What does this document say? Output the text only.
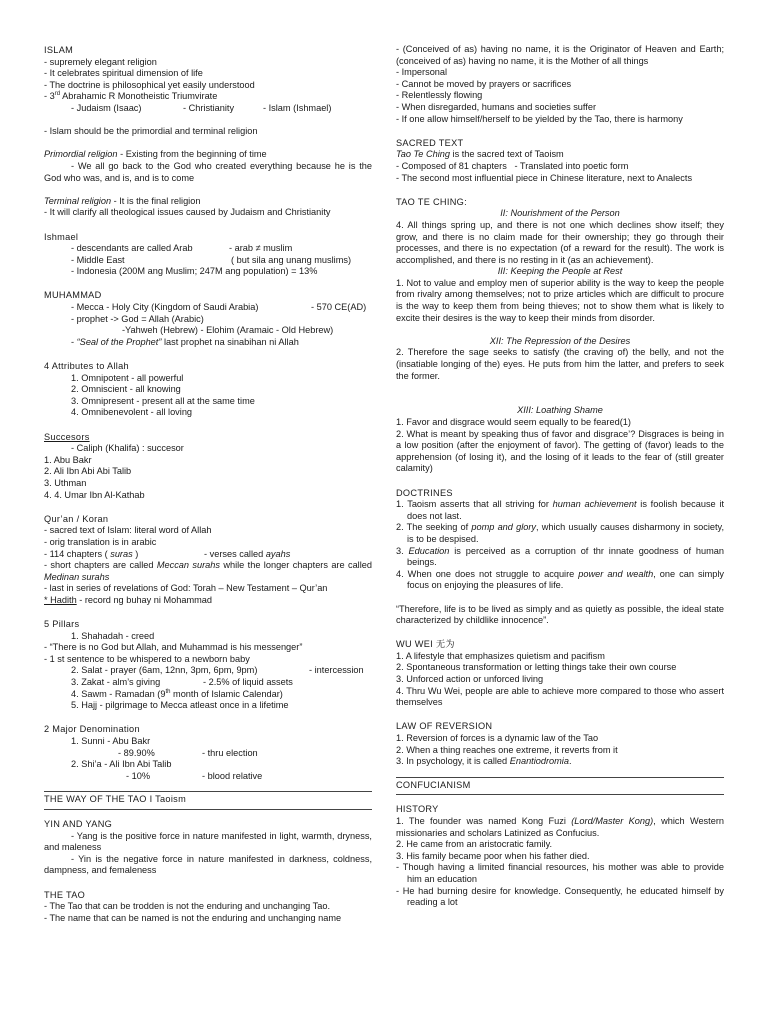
ISLAM
- supremely elegant religion
- It celebrates spiritual dimension of life
- The doctrine is philosophical yet easily understood
- 3rd Abrahamic R Monotheistic Triumvirate
- Judaism (Isaac)	- Christianity	- Islam (Ishmael)
- Islam should be the primordial and terminal religion
Primordial religion - Existing from the beginning of time
- We all go back to the God who created everything because he is the God who was, and is, and is to come
Terminal religion - It is the final religion
- It will clarify all theological issues caused by Judaism and Christianity
Ishmael
- descendants are called Arab	- arab ≠ muslim
- Middle East	( but sila ang unang muslims)
- Indonesia (200M ang Muslim; 247M ang population) = 13%
MUHAMMAD
- Mecca - Holy City (Kingdom of Saudi Arabia)	- 570 CE(AD)
- prophet -> God = Allah (Arabic)
-Yahweh (Hebrew) - Elohim (Aramaic - Old Hebrew)
- “Seal of the Prophet” last prophet na sinabihan ni Allah
4 Attributes to Allah
1. Omnipotent - all powerful
2. Omniscient - all knowing
3. Omnipresent - present all at the same time
4. Omnibenevolent - all loving
Succesors
- Caliph (Khalifa) : succesor
1. Abu Bakr
2. Ali Ibn Abi Abi Talib
3. Uthman
4. 4. Umar Ibn Al-Kathab
Qur’an / Koran
- sacred text of Islam: literal word of Allah
- orig translation is in arabic
- 114 chapters ( suras )	- verses called ayahs
- short chapters are called Meccan surahs while the longer chapters are called Medinan surahs
- last in series of revelations of God: Torah – New Testament – Qur’an
* Hadith - record ng buhay ni Mohammad
5 Pillars
1. Shahadah - creed
- “There is no God but Allah, and Muhammad is his messenger”
- 1 st sentence to be whispered to a newborn baby
2. Salat - prayer (6am, 12nn, 3pm, 6pm, 9pm)	- intercession
3. Zakat - alm’s giving	- 2.5% of liquid assets
4. Sawm - Ramadan (9th month of Islamic Calendar)
5. Hajj - pilgrimage to Mecca atleast once in a lifetime
2 Major Denomination
1. Sunni - Abu Bakr
- 89.90%	- thru election
2. Shi’a - Ali Ibn Abi Talib
- 10%	- blood relative
THE WAY OF THE TAO I Taoism
YIN AND YANG
- Yang is the positive force in nature manifested in light, warmth, dryness, and maleness
- Yin is the negative force in nature manifested in darkness, coldness, dampness, and femaleness
THE TAO
- The Tao that can be trodden is not the enduring and unchanging Tao.
- The name that can be named is not the enduring and unchanging name
- (Conceived of as) having no name, it is the Originator of Heaven and Earth; (conceived of as) having no name, it is the Mother of all things
- Impersonal
- Cannot be moved by prayers or sacrifices
- Relentlessly flowing
- When disregarded, humans and societies suffer
- If one allow himself/herself to be yielded by the Tao, there is harmony
SACRED TEXT
Tao Te Ching is the sacred text of Taoism
- Composed of 81 chapters   - Translated into poetic form
- The second most influential piece in Chinese literature, next to Analects
TAO TE CHING:
II: Nourishment of the Person
4. All things spring up, and there is not one which declines show itself; they grow, and there is no claim made for their ownership; they go through their processes, and there is no expectation (of a reward for the result). The work is accomplished, and there is no resting in it (as an achievement).
III: Keeping the People at Rest
1. Not to value and employ men of superior ability is the way to keep the people from rivalry among themselves; not to prize articles which are difficult to procure is the way to keep them from being thieves; not to show them what is likely to excite their desires is the way to keep their minds from disorder.
XII: The Repression of the Desires
2. Therefore the sage seeks to satisfy (the craving of) the belly, and not the (insatiable longing of the) eyes. He puts from him the latter, and prefers to seek the former.
XIII: Loathing Shame
1. Favor and disgrace would seem equally to be feared(1)
2. What is meant by speaking thus of favor and disgrace’? Disgraces is being in a low position (after the enjoyment of favor). The getting of (favor) leads to the apprehension (of losing it), and the losing of it leads to the fear of (still greater calamity)
DOCTRINES
1. Taoism asserts that all striving for human achievement is foolish because it does not last.
2. The seeking of pomp and glory, which usually causes disharmony in society, is to be despised.
3. Education is perceived as a corruption of thr innate goodness of human beings.
4. When one does not struggle to acquire power and wealth, one can simply focus on enjoying the pleasures of life.
“Therefore, life is to be lived as simply and as quietly as possible, the ideal state characterized by childlike innocence”.
WU WEI 无为
1. A lifestyle that emphasizes quietism and pacifism
2. Spontaneous transformation or letting things take their own course
3. Unforced action or unforced living
4. Thru Wu Wei, people are able to achieve more compared to those who assert themselves
LAW OF REVERSION
1. Reversion of forces is a dynamic law of the Tao
2. When a thing reaches one extreme, it reverts from it
3. In psychology, it is called Enantiodromia.
CONFUCIANISM
HISTORY
1. The founder was named Kong Fuzi (Lord/Master Kong), which Western missionaries and scholars Latinized as Confucius.
2. He came from an aristocratic family.
3. His family became poor when his father died.
- Though having a limited financial resources, his mother was able to provide him an education
- He had burning desire for knowledge. Consequently, he educated himself by reading a lot
